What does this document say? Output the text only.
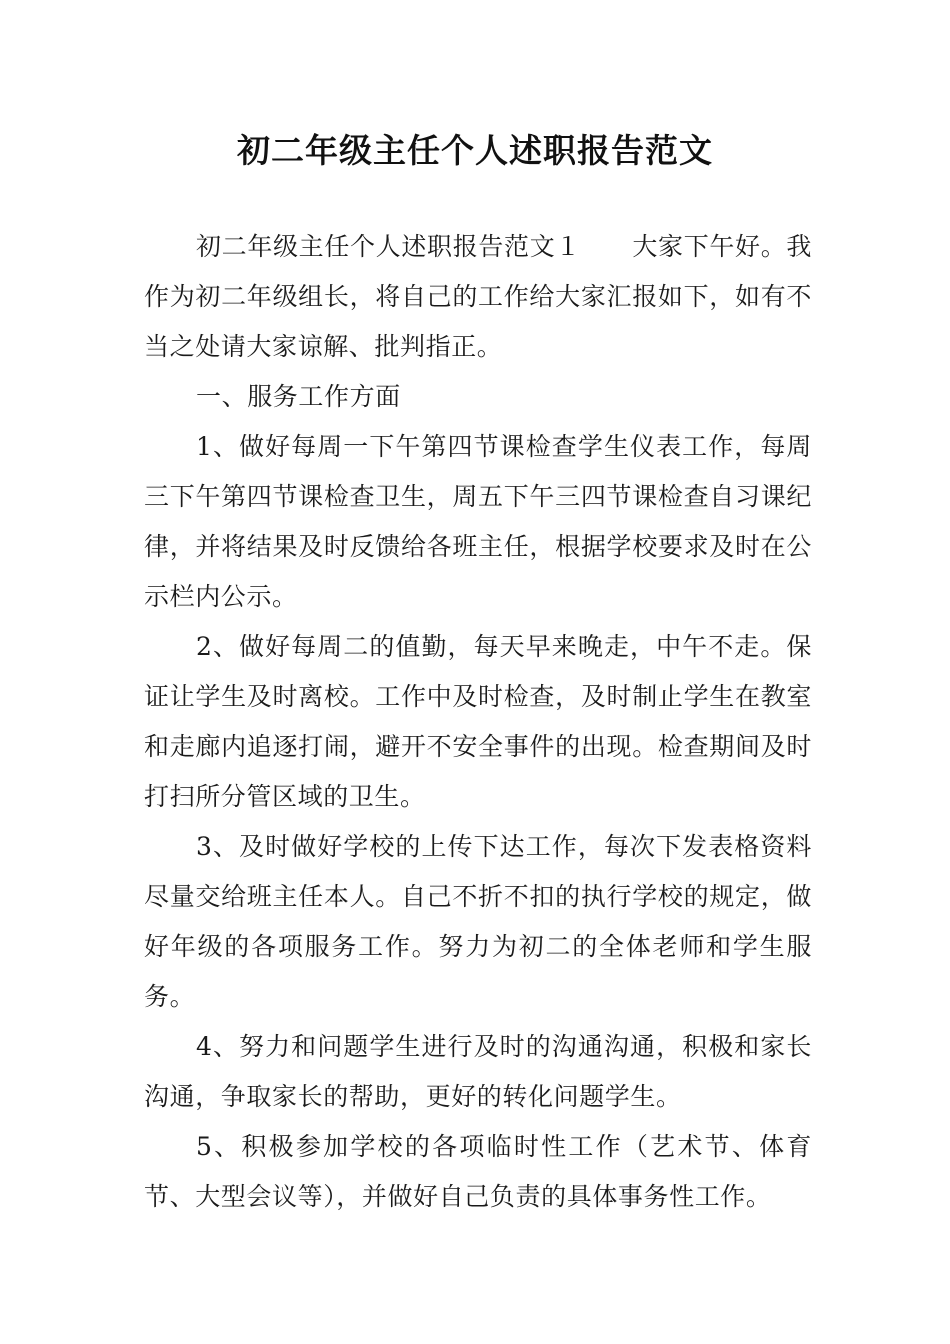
初二年级主任个人述职报告范文

初二年级主任个人述职报告范文１　　大家下午好。我作为初二年级组长，将自己的工作给大家汇报如下，如有不当之处请大家谅解、批判指正。

一、服务工作方面

1、做好每周一下午第四节课检查学生仪表工作，每周三下午第四节课检查卫生，周五下午三四节课检查自习课纪律，并将结果及时反馈给各班主任，根据学校要求及时在公示栏内公示。

2、做好每周二的值勤，每天早来晚走，中午不走。保证让学生及时离校。工作中及时检查，及时制止学生在教室和走廊内追逐打闹，避开不安全事件的出现。检查期间及时打扫所分管区域的卫生。

3、及时做好学校的上传下达工作，每次下发表格资料尽量交给班主任本人。自己不折不扣的执行学校的规定，做好年级的各项服务工作。努力为初二的全体老师和学生服务。

4、努力和问题学生进行及时的沟通沟通，积极和家长沟通，争取家长的帮助，更好的转化问题学生。

5、积极参加学校的各项临时性工作（艺术节、体育节、大型会议等），并做好自己负责的具体事务性工作。
